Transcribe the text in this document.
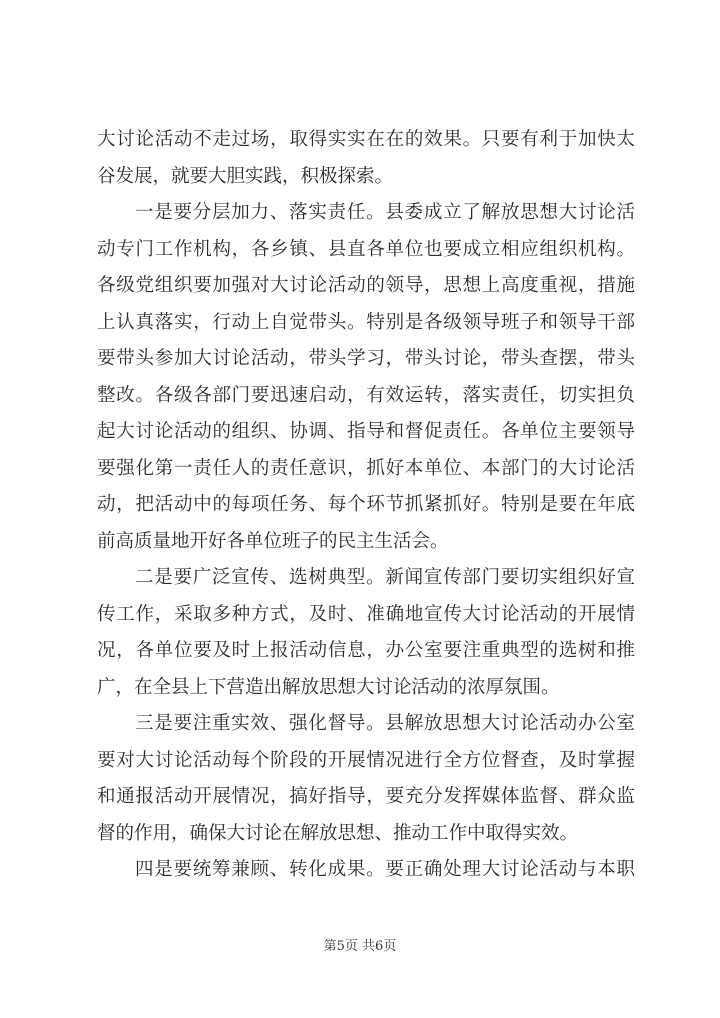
大讨论活动不走过场，取得实实在在的效果。只要有利于加快太
谷发展，就要大胆实践，积极探索。
一是要分层加力、落实责任。县委成立了解放思想大讨论活
动专门工作机构，各乡镇、县直各单位也要成立相应组织机构。
各级党组织要加强对大讨论活动的领导，思想上高度重视，措施
上认真落实，行动上自觉带头。特别是各级领导班子和领导干部
要带头参加大讨论活动，带头学习，带头讨论，带头查摆，带头
整改。各级各部门要迅速启动，有效运转，落实责任，切实担负
起大讨论活动的组织、协调、指导和督促责任。各单位主要领导
要强化第一责任人的责任意识，抓好本单位、本部门的大讨论活
动，把活动中的每项任务、每个环节抓紧抓好。特别是要在年底
前高质量地开好各单位班子的民主生活会。
二是要广泛宣传、选树典型。新闻宣传部门要切实组织好宣
传工作，采取多种方式，及时、准确地宣传大讨论活动的开展情
况，各单位要及时上报活动信息，办公室要注重典型的选树和推
广，在全县上下营造出解放思想大讨论活动的浓厚氛围。
三是要注重实效、强化督导。县解放思想大讨论活动办公室
要对大讨论活动每个阶段的开展情况进行全方位督查，及时掌握
和通报活动开展情况，搞好指导，要充分发挥媒体监督、群众监
督的作用，确保大讨论在解放思想、推动工作中取得实效。
四是要统筹兼顾、转化成果。要正确处理大讨论活动与本职
第5页 共6页
